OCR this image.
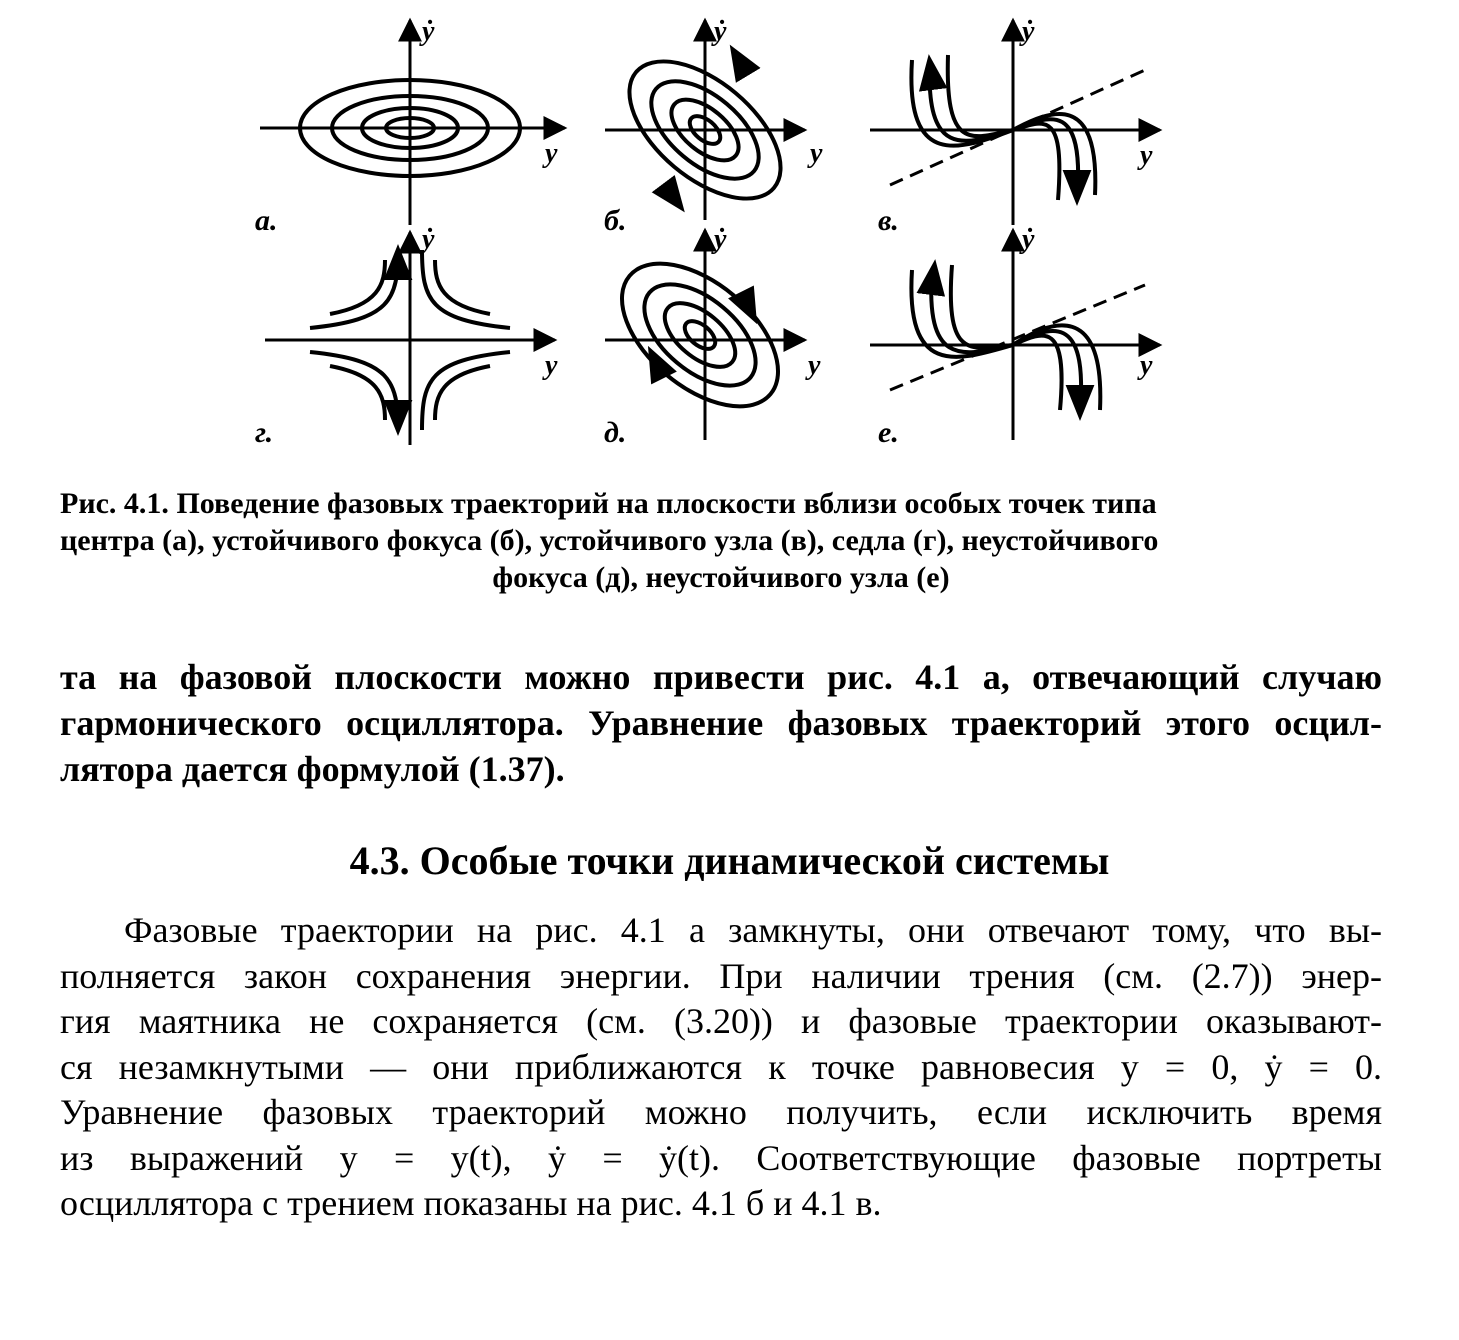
ẏ
y
ẏ
y
ẏ
y
ẏ
y
ẏ
y
ẏ
y
а.	б.	в.
г.	д.	е.
Рис. 4.1. Поведение фазовых траекторий на плоскости вблизи особых точек типа
центра (а), устойчивого фокуса (б), устойчивого узла (в), седла (г), неустойчивого
фокуса (д), неустойчивого узла (е)
та на фазовой плоскости можно привести рис. 4.1 а, отвечающий случаю
гармонического осциллятора. Уравнение фазовых траекторий этого осцил-
лятора дается формулой (1.37).
4.3. Особые точки динамической системы
Фазовые траектории на рис. 4.1 а замкнуты, они отвечают тому, что вы-
полняется закон сохранения энергии. При наличии трения (см. (2.7)) энер-
гия маятника не сохраняется (см. (3.20)) и фазовые траектории оказывают-
ся незамкнутыми — они приближаются к точке равновесия y = 0, ẏ = 0.
Уравнение фазовых траекторий можно получить, если исключить время
из выражений y = y(t), ẏ = ẏ(t). Соответствующие фазовые портреты
осциллятора с трением показаны на рис. 4.1 б и 4.1 в.
